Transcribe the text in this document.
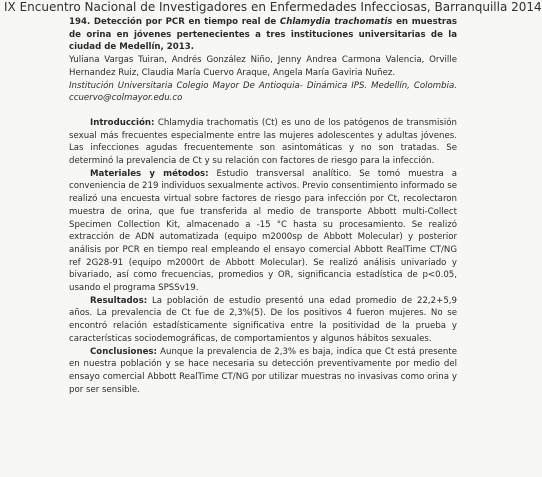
IX Encuentro Nacional de Investigadores en Enfermedades Infecciosas, Barranquilla 2014

194. Detección por PCR en tiempo real de Chlamydia trachomatis en muestras de orina en jóvenes pertenecientes a tres instituciones universitarias de la ciudad de Medellín, 2013.

Yuliana Vargas Tuiran, Andrés González Niño, Jenny Andrea Carmona Valencia, Orville Hernandez Ruiz, Claudia María Cuervo Araque, Angela María Gaviria Nuñez.

Institución Universitaria Colegio Mayor De Antioquia- Dinámica IPS. Medellín, Colombia. ccuervo@colmayor.edu.co

Introducción: Chlamydia trachomatis (Ct) es uno de los patógenos de transmisión sexual más frecuentes especialmente entre las mujeres adolescentes y adultas jóvenes. Las infecciones agudas frecuentemente son asintomáticas y no son tratadas. Se determinó la prevalencia de Ct y su relación con factores de riesgo para la infección.

Materiales y métodos: Estudio transversal analítico. Se tomó muestra a conveniencia de 219 individuos sexualmente activos. Previo consentimiento informado se realizó una encuesta virtual sobre factores de riesgo para infección por Ct, recolectaron muestra de orina, que fue transferida al medio de transporte Abbott multi-Collect Specimen Collection Kit, almacenado a -15 °C hasta su procesamiento. Se realizó extracción de ADN automatizada (equipo m2000sp de Abbott Molecular) y posterior análisis por PCR en tiempo real empleando el ensayo comercial Abbott RealTime CT/NG ref 2G28-91 (equipo m2000rt de Abbott Molecular). Se realizó análisis univariado y bivariado, así como frecuencias, promedios y OR, significancia estadística de p<0.05, usando el programa SPSSv19.

Resultados: La población de estudio presentó una edad promedio de 22,2+5,9 años. La prevalencia de Ct fue de 2,3%(5). De los positivos 4 fueron mujeres. No se encontró relación estadísticamente significativa entre la positividad de la prueba y características sociodemográficas, de comportamientos y algunos hábitos sexuales.

Conclusiones: Aunque la prevalencia de 2,3% es baja, indica que Ct está presente en nuestra población y se hace necesaria su detección preventivamente por medio del ensayo comercial Abbott RealTime CT/NG por utilizar muestras no invasivas como orina y por ser sensible.
